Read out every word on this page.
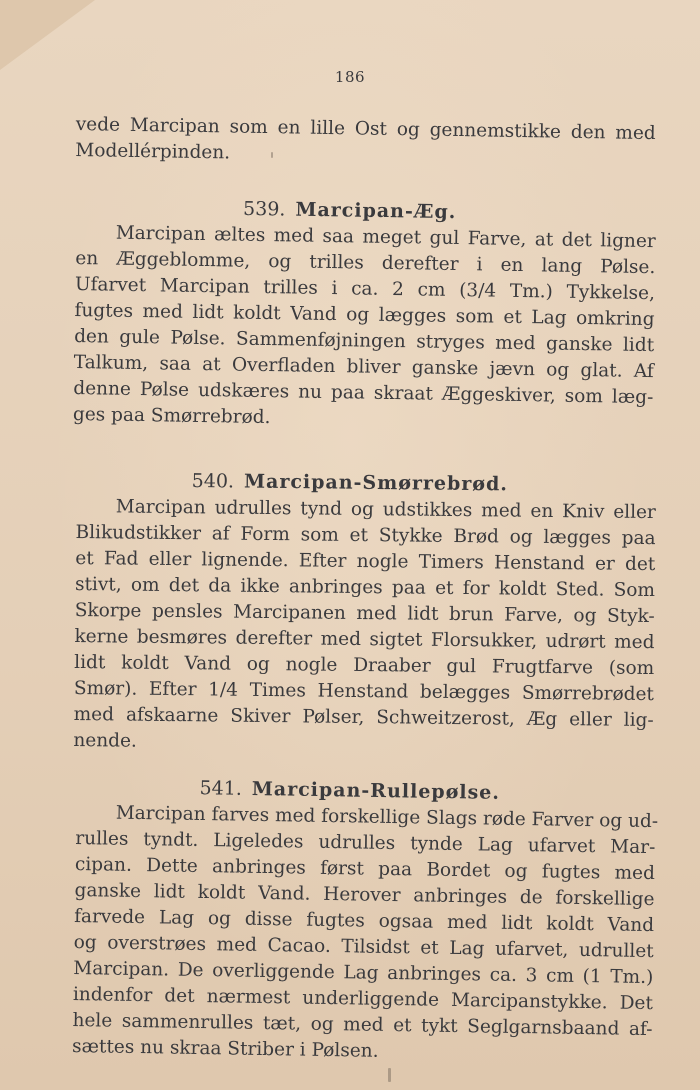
186
vede Marcipan som en lille Ost og gennemstikke den med
Modellérpinden.
539. Marcipan-Æg.
Marcipan æltes med saa meget gul Farve, at det ligner
en Æggeblomme, og trilles derefter i en lang Pølse.
Ufarvet Marcipan trilles i ca. 2 cm (3/4 Tm.) Tykkelse,
fugtes med lidt koldt Vand og lægges som et Lag omkring
den gule Pølse. Sammenføjningen stryges med ganske lidt
Talkum, saa at Overfladen bliver ganske jævn og glat. Af
denne Pølse udskæres nu paa skraat Æggeskiver, som læg-
ges paa Smørrebrød.
540. Marcipan-Smørrebrød.
Marcipan udrulles tynd og udstikkes med en Kniv eller
Blikudstikker af Form som et Stykke Brød og lægges paa
et Fad eller lignende. Efter nogle Timers Henstand er det
stivt, om det da ikke anbringes paa et for koldt Sted. Som
Skorpe pensles Marcipanen med lidt brun Farve, og Styk-
kerne besmøres derefter med sigtet Florsukker, udrørt med
lidt koldt Vand og nogle Draaber gul Frugtfarve (som
Smør). Efter 1/4 Times Henstand belægges Smørrebrødet
med afskaarne Skiver Pølser, Schweitzerost, Æg eller lig-
nende.
541. Marcipan-Rullepølse.
Marcipan farves med forskellige Slags røde Farver og ud-
rulles tyndt. Ligeledes udrulles tynde Lag ufarvet Mar-
cipan. Dette anbringes først paa Bordet og fugtes med
ganske lidt koldt Vand. Herover anbringes de forskellige
farvede Lag og disse fugtes ogsaa med lidt koldt Vand
og overstrøes med Cacao. Tilsidst et Lag ufarvet, udrullet
Marcipan. De overliggende Lag anbringes ca. 3 cm (1 Tm.)
indenfor det nærmest underliggende Marcipanstykke. Det
hele sammenrulles tæt, og med et tykt Seglgarnsbaand af-
sættes nu skraa Striber i Pølsen.
